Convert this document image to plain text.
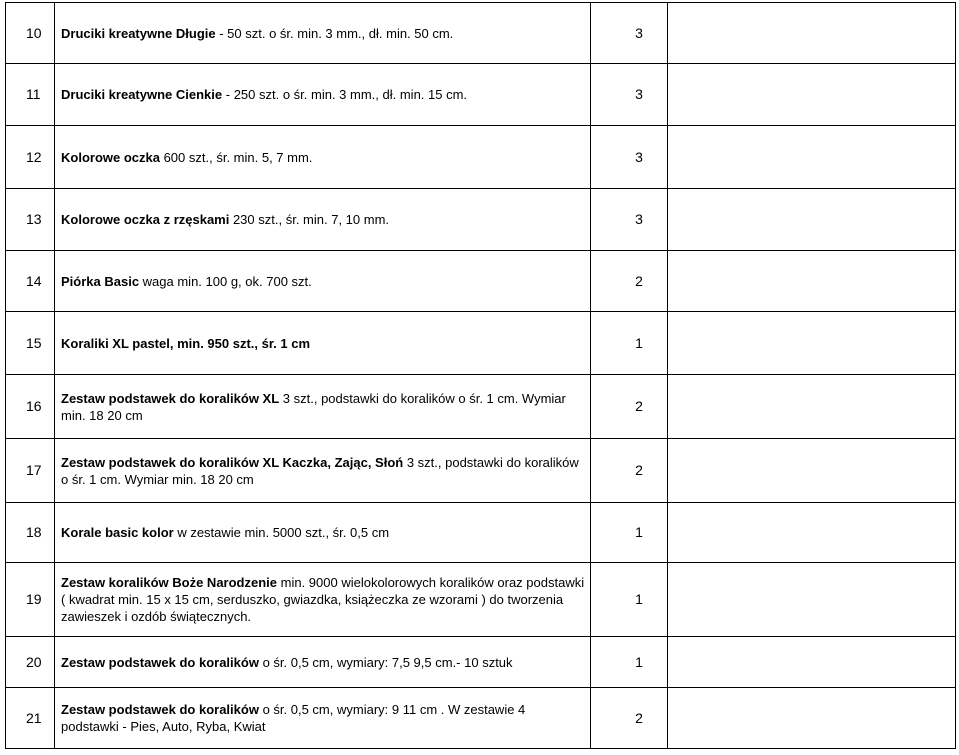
10	Druciki kreatywne Długie - 50 szt. o śr. min. 3 mm., dł. min. 50 cm.	3	
11	Druciki kreatywne Cienkie - 250 szt. o śr. min. 3 mm., dł. min. 15 cm.	3	
12	Kolorowe oczka 600 szt., śr. min. 5, 7 mm.	3	
13	Kolorowe oczka z rzęskami 230 szt., śr. min. 7, 10 mm.	3	
14	Piórka Basic waga min. 100 g, ok. 700 szt.	2	
15	Koraliki XL pastel, min. 950 szt., śr. 1 cm	1	
16	Zestaw podstawek do koralików XL 3 szt., podstawki do koralików o śr. 1 cm. Wymiar min. 18 20 cm	2	
17	Zestaw podstawek do koralików XL Kaczka, Zając, Słoń 3 szt., podstawki do koralików o śr. 1 cm. Wymiar min. 18 20 cm	2	
18	Korale basic kolor w zestawie min. 5000 szt., śr. 0,5 cm	1	
19	Zestaw koralików Boże Narodzenie min. 9000 wielokolorowych koralików oraz podstawki ( kwadrat min. 15 x 15 cm, serduszko, gwiazdka, książeczka ze wzorami ) do tworzenia zawieszek i ozdób świątecznych.	1	
20	Zestaw podstawek do koralików o śr. 0,5 cm, wymiary: 7,5 9,5 cm.- 10 sztuk	1	
21	Zestaw podstawek do koralików o śr. 0,5 cm, wymiary: 9 11 cm . W zestawie 4 podstawki - Pies, Auto, Ryba, Kwiat	2	
